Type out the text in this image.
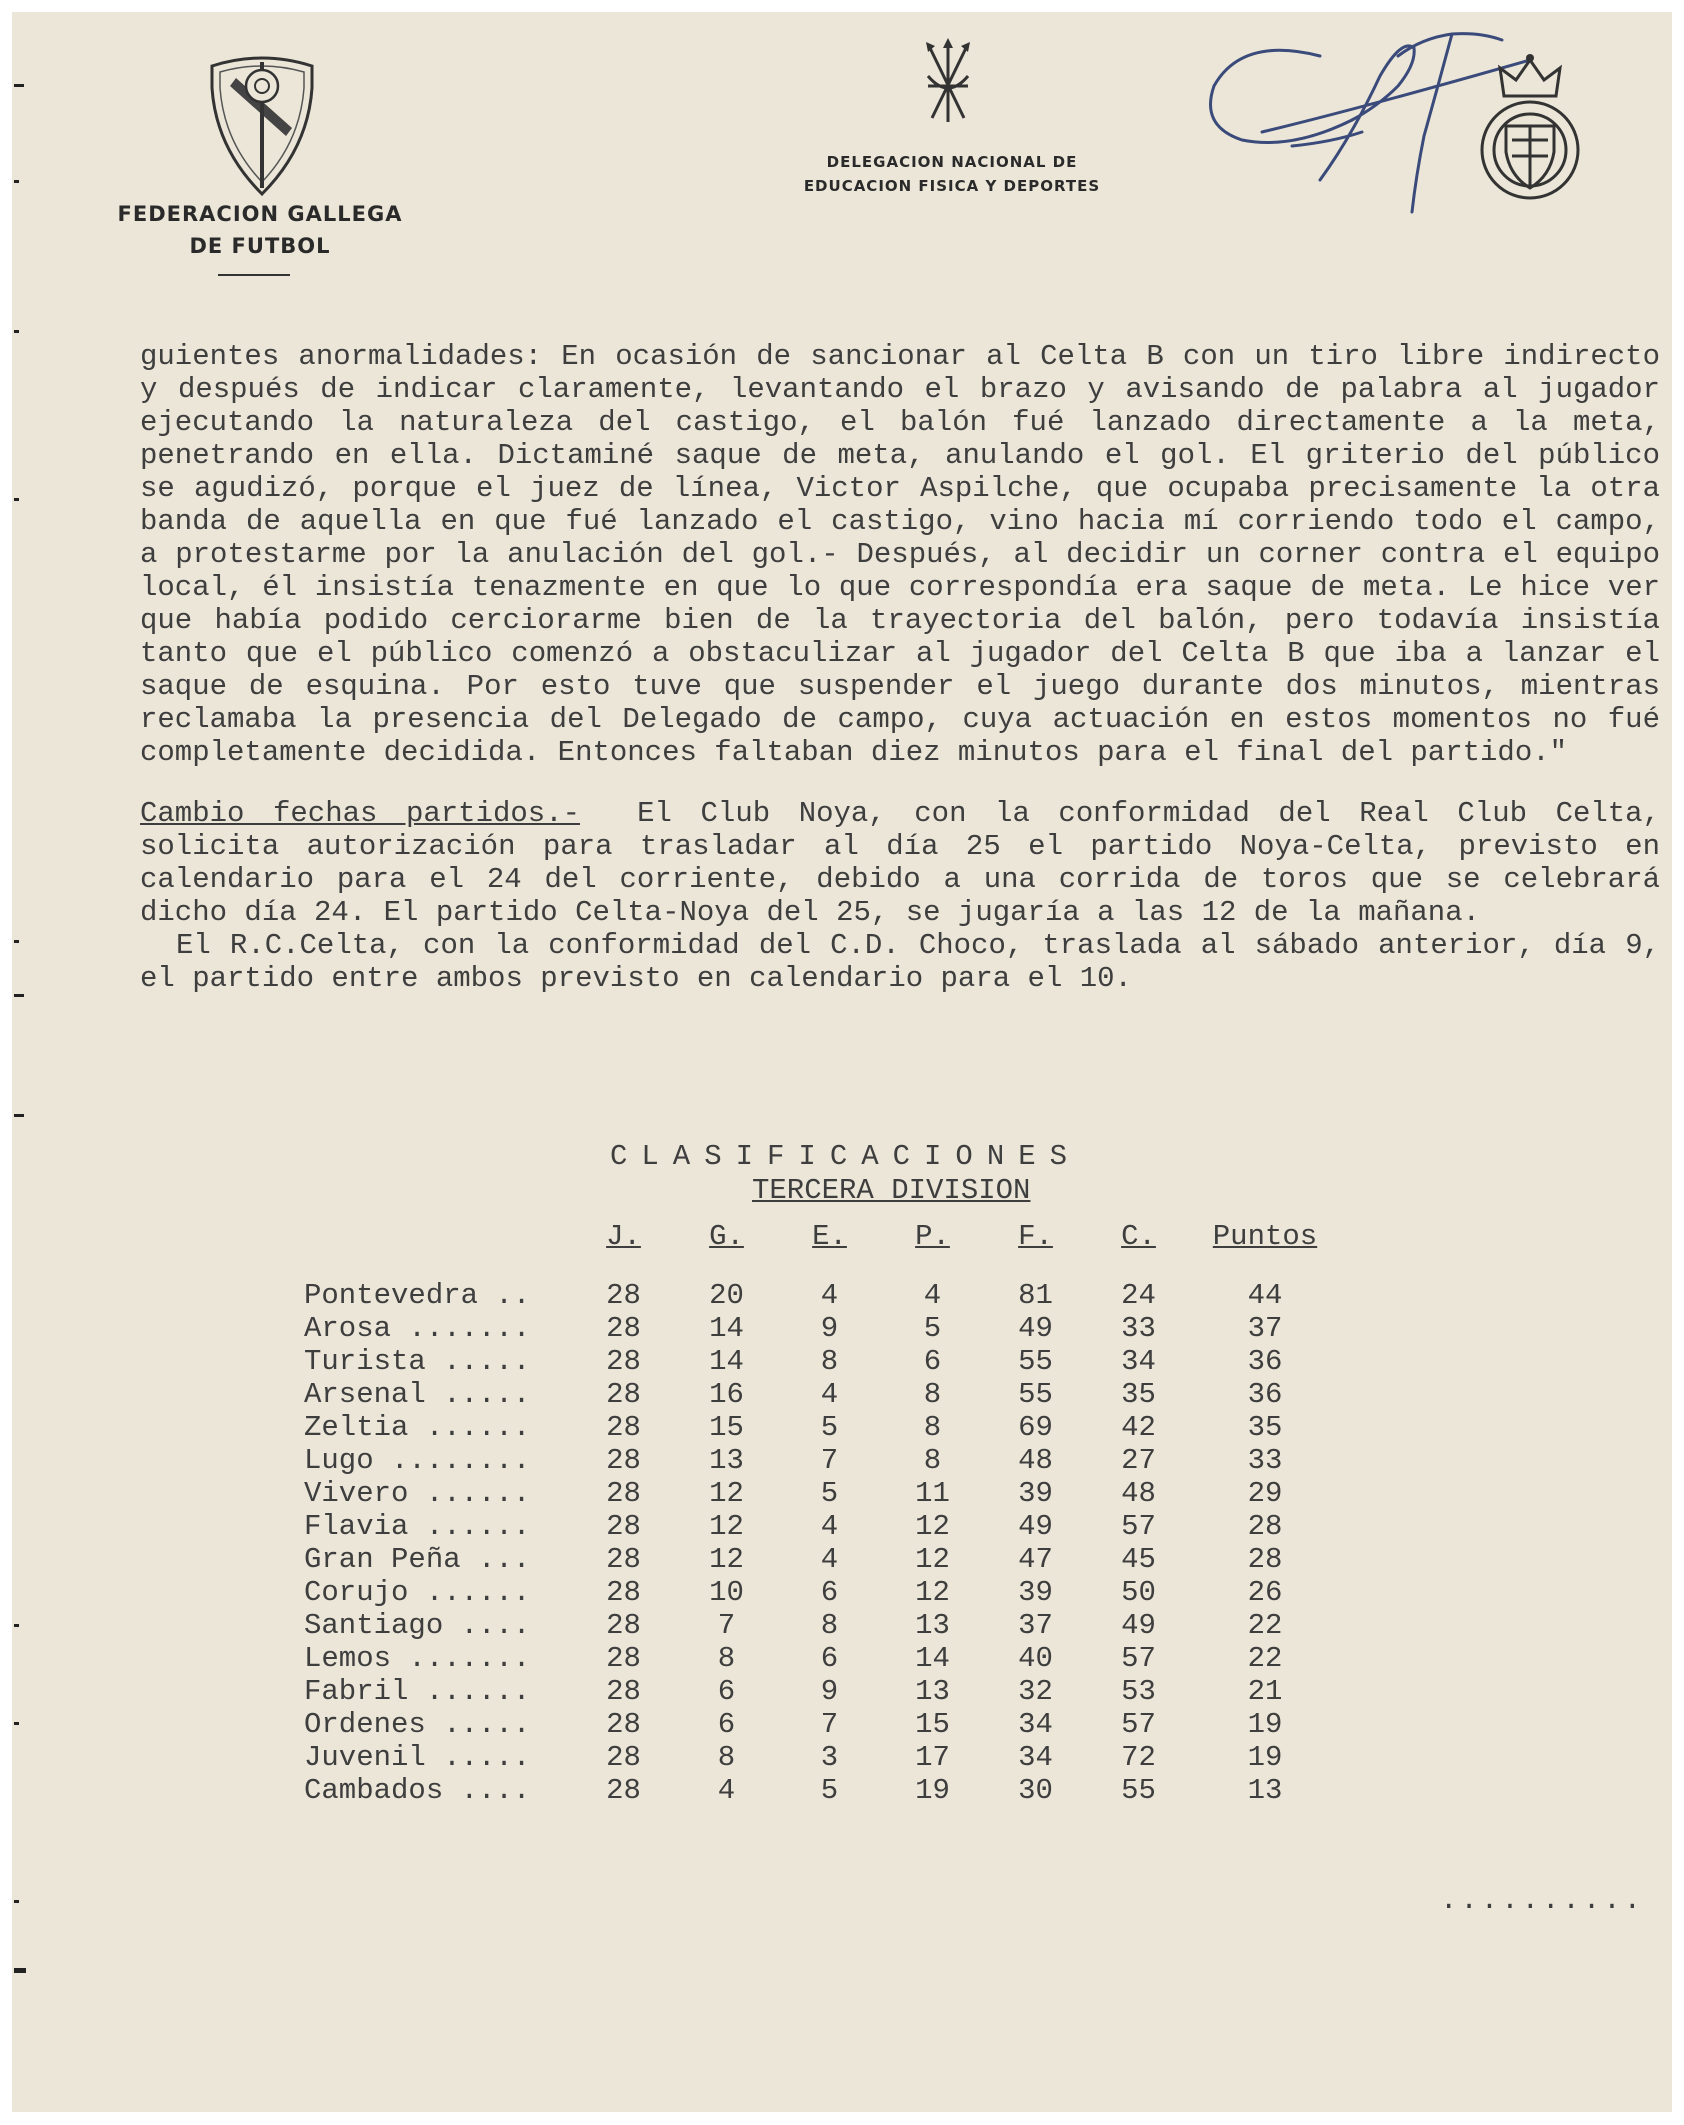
FEDERACION GALLEGA
DE FUTBOL
DELEGACION NACIONAL DE
EDUCACION FISICA Y DEPORTES

guientes anormalidades: En ocasión de sancionar al Celta B con un tiro libre indirecto y después de indicar claramente, levantando el brazo y avisando de palabra al jugador ejecutando la naturaleza del castigo, el balón fué lanzado directamente a la meta, penetrando en ella. Dictaminé saque de meta, anulando el gol. El griterio del público se agudizó, porque el juez de línea, Victor Aspilche, que ocupaba precisamente la otra banda de aquella en que fué lanzado el castigo, vino hacia mí corriendo todo el campo, a protestarme por la anulación del gol.- Después, al decidir un corner contra el equipo local, él insistía tenazmente en que lo que correspondía era saque de meta. Le hice ver que había podido cerciorarme bien de la trayectoria del balón, pero todavía insistía tanto que el público comenzó a obstaculizar al jugador del Celta B que iba a lanzar el saque de esquina. Por esto tuve que suspender el juego durante dos minutos, mientras reclamaba la presencia del Delegado de campo, cuya actuación en estos momentos no fué completamente decidida. Entonces faltaban diez minutos para el final del partido."

Cambio fechas partidos.- El Club Noya, con la conformidad del Real Club Celta, solicita autorización para trasladar al día 25 el partido Noya-Celta, previsto en calendario para el 24 del corriente, debido a una corrida de toros que se celebrará dicho día 24. El partido Celta-Noya del 25, se jugaría a las 12 de la mañana.

El R.C.Celta, con la conformidad del C.D. Choco, traslada al sábado anterior, día 9, el partido entre ambos previsto en calendario para el 10.

CLASIFICACIONES
TERCERA DIVISION
	J.	G.	E.	P.	F.	C.	Puntos

Pontevedra ..	28	20	4	4	81	24	44
Arosa .......	28	14	9	5	49	33	37
Turista .....	28	14	8	6	55	34	36
Arsenal .....	28	16	4	8	55	35	36
Zeltia ......	28	15	5	8	69	42	35
Lugo ........	28	13	7	8	48	27	33
Vivero ......	28	12	5	11	39	48	29
Flavia ......	28	12	4	12	49	57	28
Gran Peña ...	28	12	4	12	47	45	28
Corujo ......	28	10	6	12	39	50	26
Santiago ....	28	7	8	13	37	49	22
Lemos .......	28	8	6	14	40	57	22
Fabril ......	28	6	9	13	32	53	21
Ordenes .....	28	6	7	15	34	57	19
Juvenil .....	28	8	3	17	34	72	19
Cambados ....	28	4	5	19	30	55	13
..........
